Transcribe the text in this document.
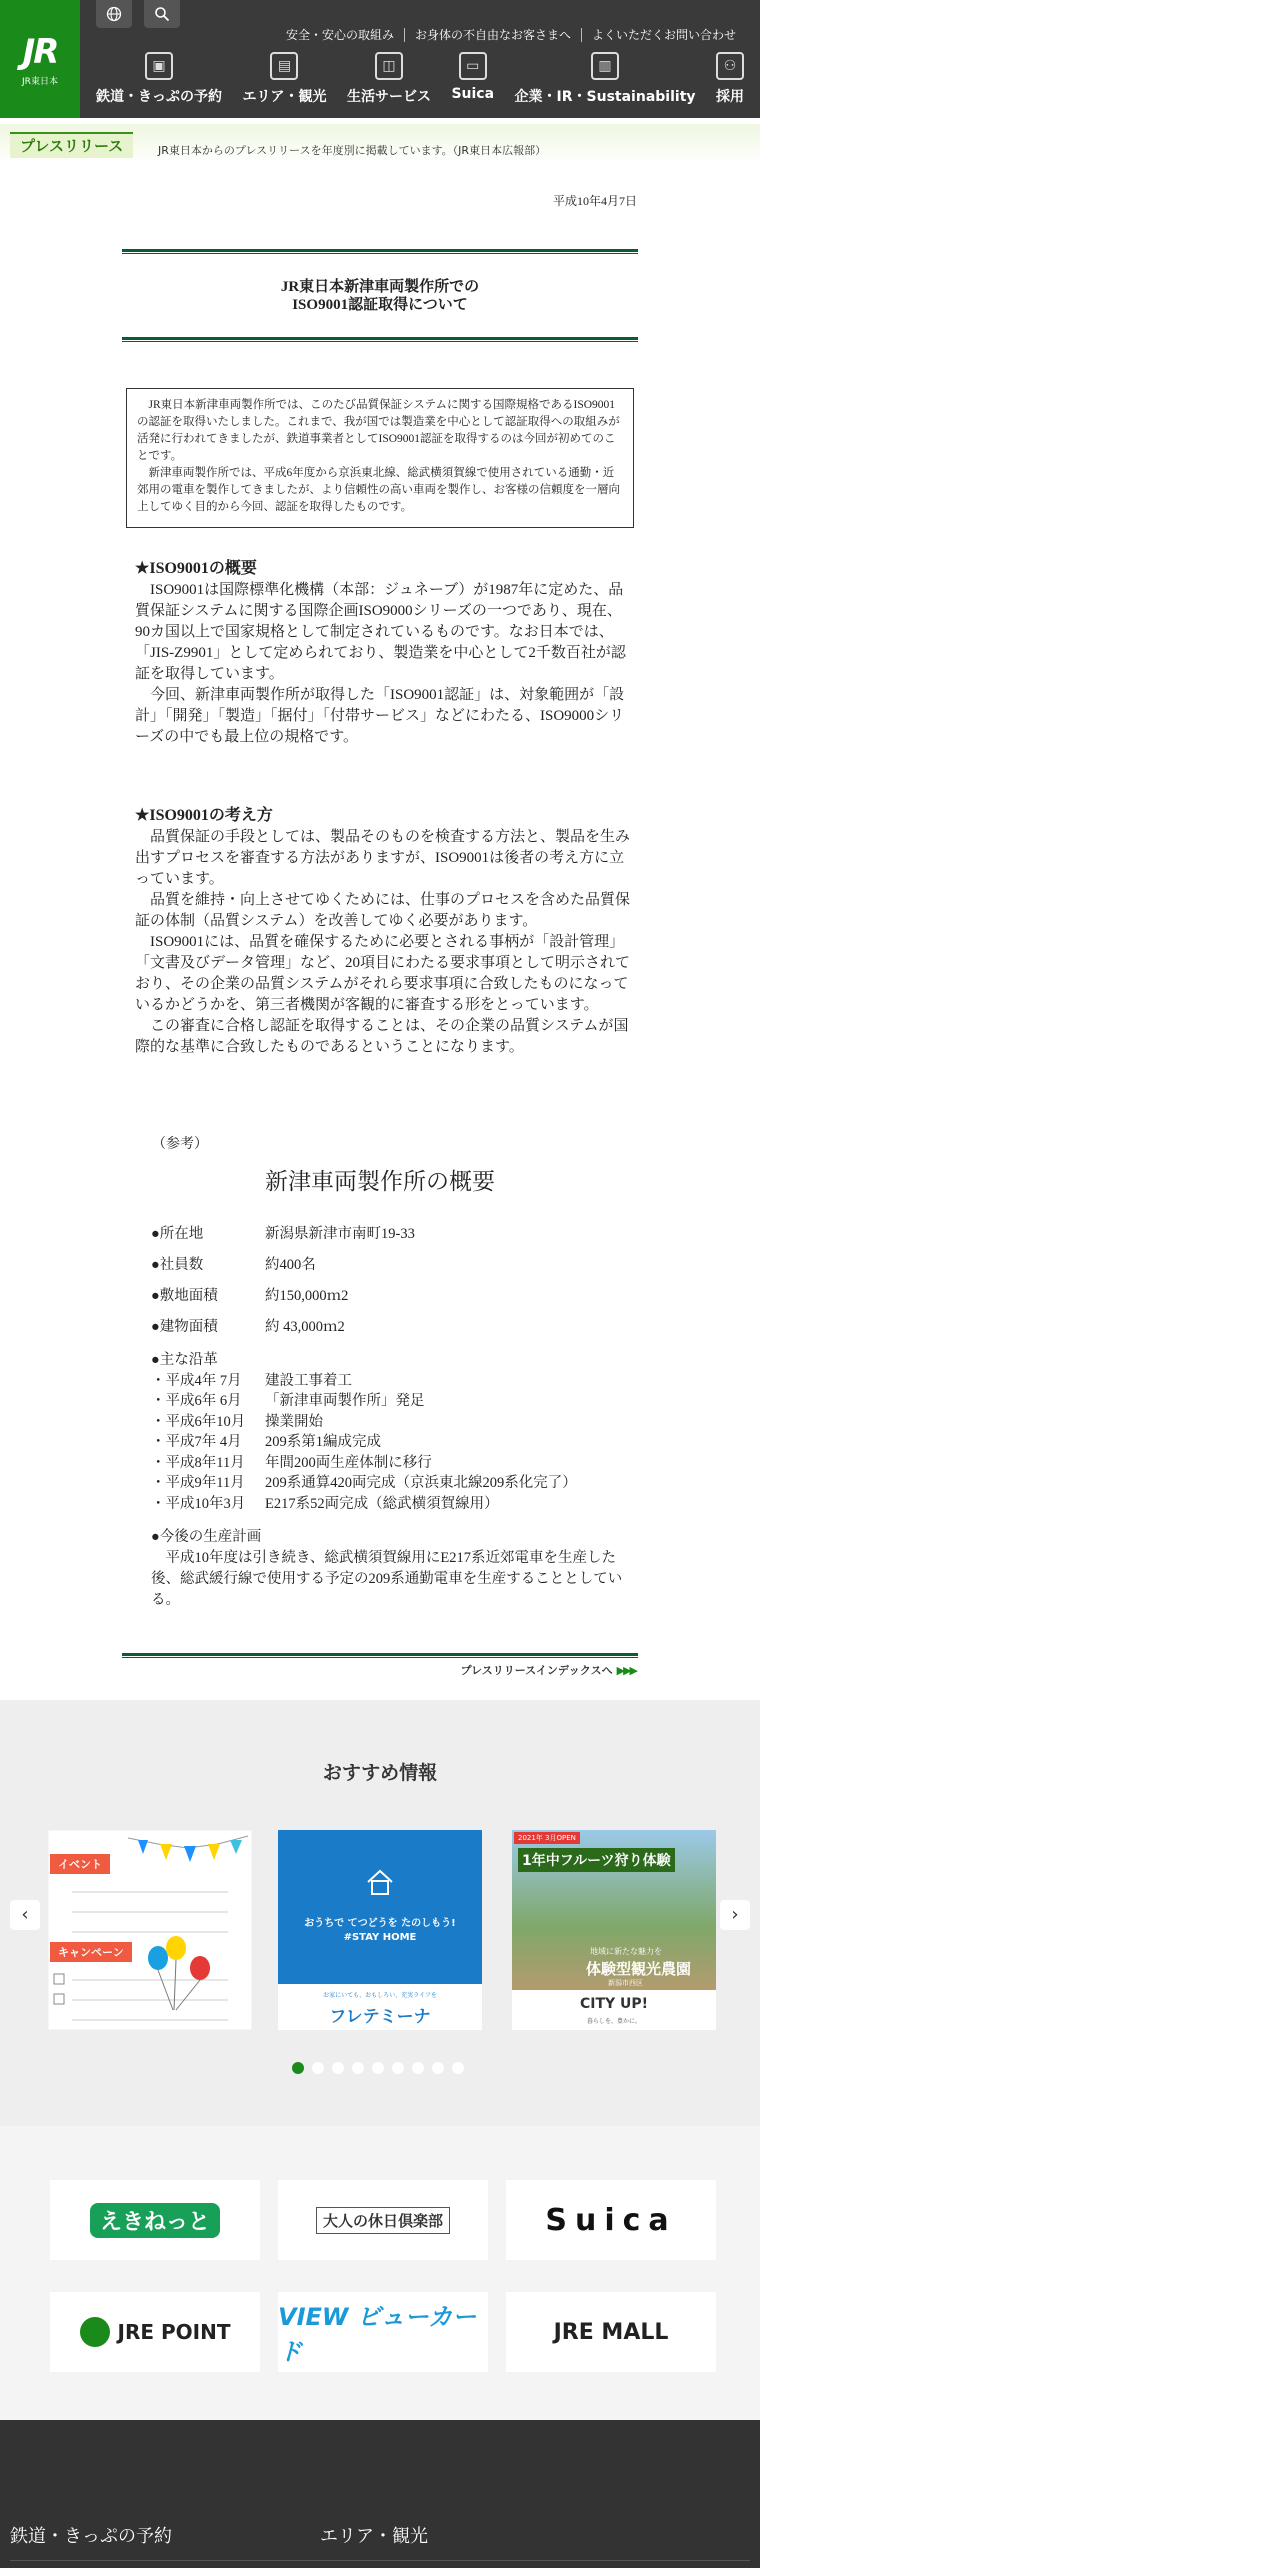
JR
JR東日本
安全・安心の取組み	お身体の不自由なお客さまへ	よくいただくお問い合わせ
▣
鉄道・きっぷの予約
▤
エリア・観光
◫
生活サービス
▭
Suica
▥
企業・IR・Sustainability
⚇
採用
プレスリリース	JR東日本からのプレスリリースを年度別に掲載しています。（JR東日本広報部）
平成10年4月7日
JR東日本新津車両製作所での
ISO9001認証取得について

　JR東日本新津車両製作所では、このたび品質保証システムに関する国際規格であるISO9001の認証を取得いたしました。これまで、我が国では製造業を中心として認証取得への取組みが活発に行われてきましたが、鉄道事業者としてISO9001認証を取得するのは今回が初めてのことです。

　新津車両製作所では、平成6年度から京浜東北線、総武横須賀線で使用されている通勤・近郊用の電車を製作してきましたが、より信頼性の高い車両を製作し、お客様の信頼度を一層向上してゆく目的から今回、認証を取得したものです。

★ISO9001の概要

　ISO9001は国際標準化機構（本部：ジュネーブ）が1987年に定めた、品質保証システムに関する国際企画ISO9000シリーズの一つであり、現在、90カ国以上で国家規格として制定されているものです。なお日本では、「JIS-Z9901」として定められており、製造業を中心として2千数百社が認証を取得しています。

　今回、新津車両製作所が取得した「ISO9001認証」は、対象範囲が「設計」「開発」「製造」「据付」「付帯サービス」などにわたる、ISO9000シリーズの中でも最上位の規格です。

★ISO9001の考え方

　品質保証の手段としては、製品そのものを検査する方法と、製品を生み出すプロセスを審査する方法がありますが、ISO9001は後者の考え方に立っています。

　品質を維持・向上させてゆくためには、仕事のプロセスを含めた品質保証の体制（品質システム）を改善してゆく必要があります。

　ISO9001には、品質を確保するために必要とされる事柄が「設計管理」「文書及びデータ管理」など、20項目にわたる要求事項として明示されており、その企業の品質システムがそれら要求事項に合致したものになっているかどうかを、第三者機関が客観的に審査する形をとっています。

　この審査に合格し認証を取得することは、その企業の品質システムが国際的な基準に合致したものであるということになります。

（参考）
新津車両製作所の概要
●所在地	新潟県新津市南町19-33
●社員数	約400名
●敷地面積	約150,000ｍ2
●建物面積	約 43,000ｍ2
●主な沿革
・平成4年 7月 建設工事着工
・平成6年 6月 「新津車両製作所」発足
・平成6年10月 操業開始
・平成7年 4月 209系第1編成完成
・平成8年11月 年間200両生産体制に移行
・平成9年11月 209系通算420両完成（京浜東北線209系化完了）
・平成10年3月 E217系52両完成（総武横須賀線用）
●今後の生産計画
　平成10年度は引き続き、総武横須賀線用にE217系近郊電車を生産した後、総武緩行線で使用する予定の209系通勤電車を生産することとしている。
プレスリリースインデックスへ ▶▶▶
おすすめ情報
‹	›
イベント
キャンペーン
おうちで てつどうを たのしもう!
#STAY HOME
お家にいても、おもしろい、充実ライフを
フレテミーナ
2021年 3月OPEN
1年中フルーツ狩り体験
地域に新たな魅力を
体験型観光農園
新潟市西区
CITY UP!
暮らしを、豊かに。
えきねっと	大人の休日倶楽部	Suica
JRE POINT
VIEW ビューカード
JRE MALL
鉄道・きっぷの予約	エリア・観光
